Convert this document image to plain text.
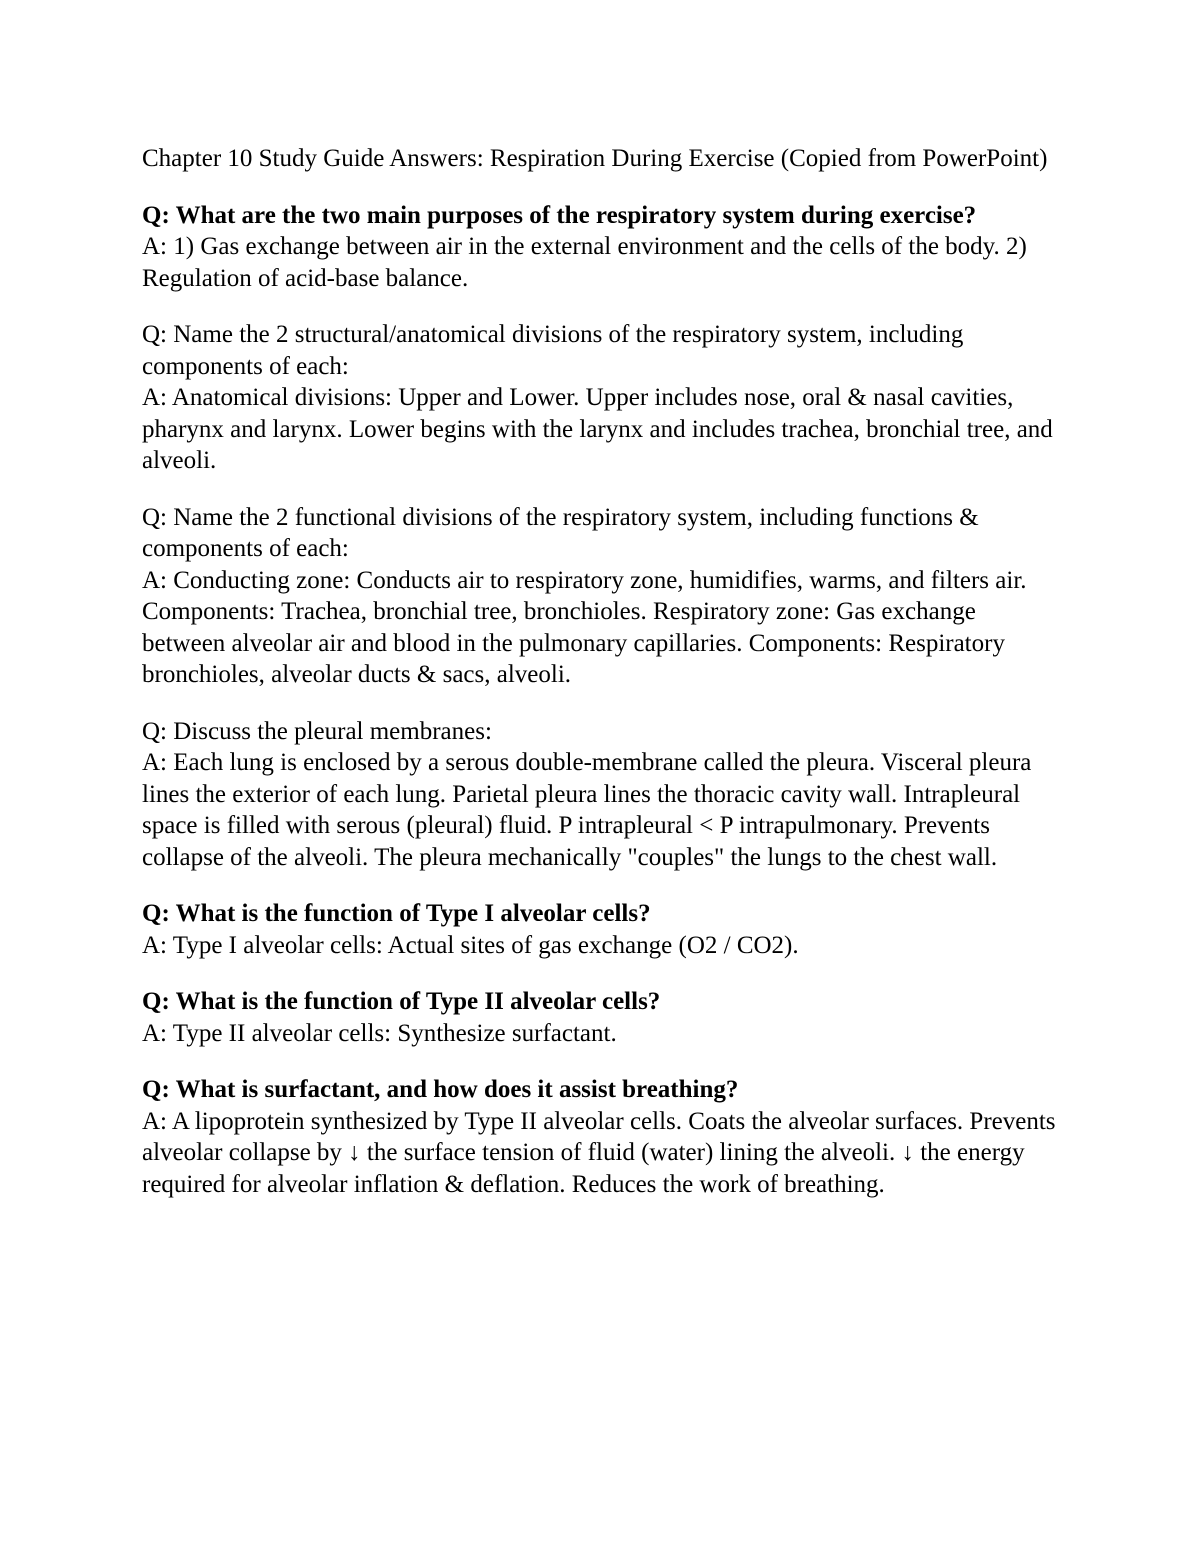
Chapter 10 Study Guide Answers: Respiration During Exercise (Copied from PowerPoint)

Q: What are the two main purposes of the respiratory system during exercise?

A: 1) Gas exchange between air in the external environment and the cells of the body. 2) Regulation of acid-base balance.

Q: Name the 2 structural/anatomical divisions of the respiratory system, including components of each:

A: Anatomical divisions: Upper and Lower. Upper includes nose, oral & nasal cavities, pharynx and larynx. Lower begins with the larynx and includes trachea, bronchial tree, and alveoli.

Q: Name the 2 functional divisions of the respiratory system, including functions & components of each:

A: Conducting zone: Conducts air to respiratory zone, humidifies, warms, and filters air. Components: Trachea, bronchial tree, bronchioles. Respiratory zone: Gas exchange between alveolar air and blood in the pulmonary capillaries. Components: Respiratory bronchioles, alveolar ducts & sacs, alveoli.

Q: Discuss the pleural membranes:

A: Each lung is enclosed by a serous double-membrane called the pleura. Visceral pleura lines the exterior of each lung. Parietal pleura lines the thoracic cavity wall. Intrapleural space is filled with serous (pleural) fluid. P intrapleural < P intrapulmonary. Prevents collapse of the alveoli. The pleura mechanically "couples" the lungs to the chest wall.

Q: What is the function of Type I alveolar cells?

A: Type I alveolar cells: Actual sites of gas exchange (O2 / CO2).

Q: What is the function of Type II alveolar cells?

A: Type II alveolar cells: Synthesize surfactant.

Q: What is surfactant, and how does it assist breathing?

A: A lipoprotein synthesized by Type II alveolar cells. Coats the alveolar surfaces. Prevents alveolar collapse by ↓ the surface tension of fluid (water) lining the alveoli. ↓ the energy required for alveolar inflation & deflation. Reduces the work of breathing.
